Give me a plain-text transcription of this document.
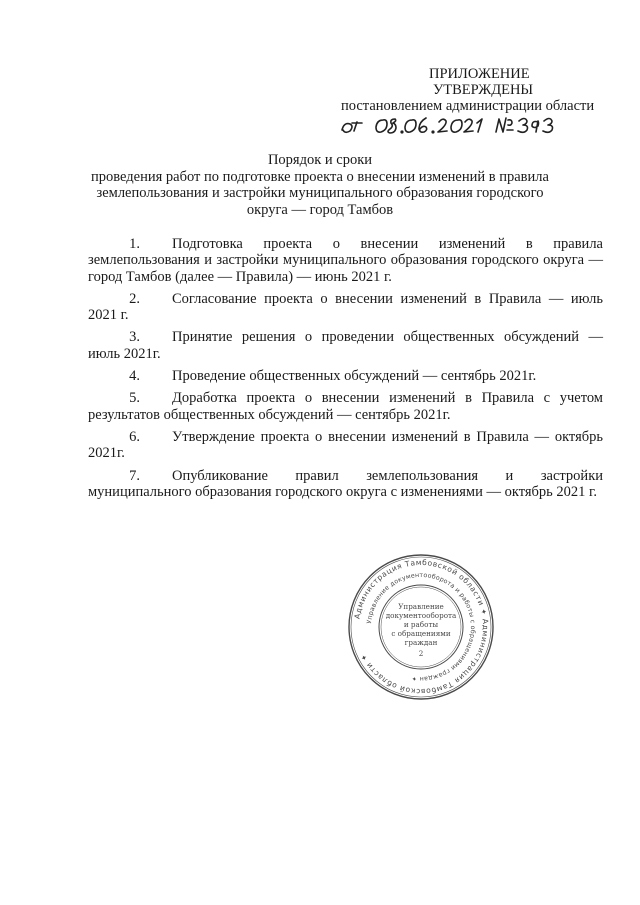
ПРИЛОЖЕНИЕ
УТВЕРЖДЕНЫ
постановлением администрации области
Порядок и сроки
проведения работ по подготовке проекта о внесении изменений в правила
землепользования и застройки муниципального образования городского
округа — город Тамбов
1. Подготовка проекта о внесении изменений в правила землепользования и застройки муниципального образования городского округа — город Тамбов (далее — Правила) — июнь 2021 г.
2. Согласование проекта о внесении изменений в Правила — июль 2021 г.
3. Принятие решения о проведении общественных обсуждений — июль 2021г.
4. Проведение общественных обсуждений — сентябрь 2021г.
5. Доработка проекта о внесении изменений в Правила с учетом результатов общественных обсуждений — сентябрь 2021г.
6. Утверждение проекта о внесении изменений в Правила — октябрь 2021г.
7. Опубликование правил землепользования и застройки муниципального образования городского округа с изменениями — октябрь 2021 г.
Администрация Тамбовской области ✦ Администрация Тамбовской области ✦
Управление документооборота и работы с обращениями граждан ✦
Управление
документооборота
и работы
с обращениями
граждан
2
